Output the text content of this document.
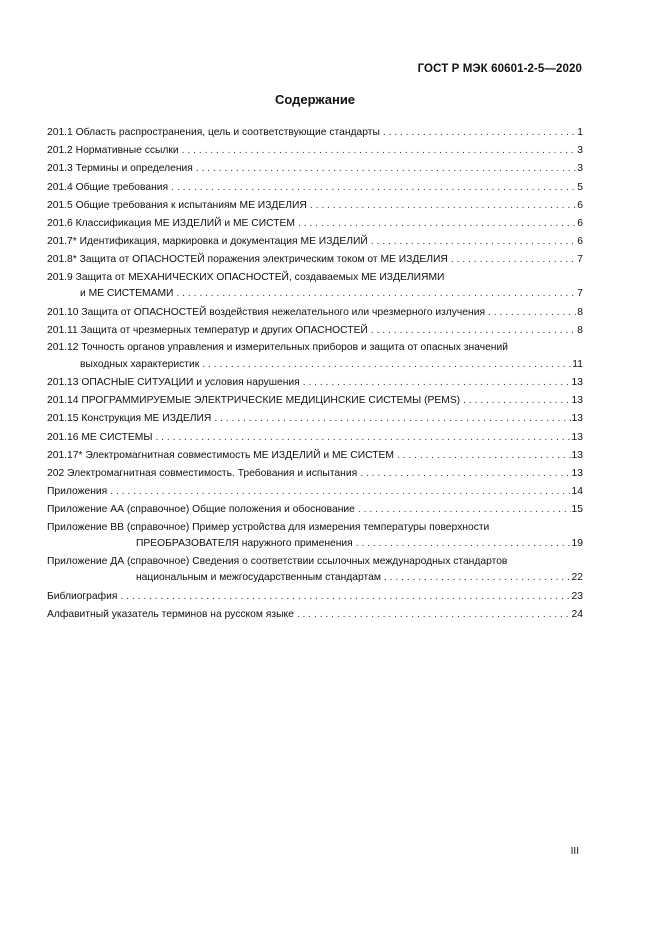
ГОСТ Р МЭК 60601-2-5—2020
Содержание
201.1 Область распространения, цель и соответствующие стандарты . . .	1
201.2 Нормативные ссылки . . .	3
201.3 Термины и определения . . .	3
201.4 Общие требования . . .	5
201.5 Общие требования к испытаниям МЕ ИЗДЕЛИЯ . . .	6
201.6 Классификация МЕ ИЗДЕЛИЙ и МЕ СИСТЕМ . . .	6
201.7* Идентификация, маркировка и документация МЕ ИЗДЕЛИЙ . . .	6
201.8* Защита от ОПАСНОСТЕЙ поражения электрическим током от МЕ ИЗДЕЛИЯ . . .	7
201.9 Защита от МЕХАНИЧЕСКИХ ОПАСНОСТЕЙ, создаваемых МЕ ИЗДЕЛИЯМИ
и МЕ СИСТЕМАМИ . . .	7
201.10 Защита от ОПАСНОСТЕЙ воздействия нежелательного или чрезмерного излучения . . .	8
201.11 Защита от чрезмерных температур и других ОПАСНОСТЕЙ . . .	8
201.12 Точность органов управления и измерительных приборов и защита от опасных значений
выходных характеристик . . .	11
201.13 ОПАСНЫЕ СИТУАЦИИ и условия нарушения . . .	13
201.14 ПРОГРАММИРУЕМЫЕ ЭЛЕКТРИЧЕСКИЕ МЕДИЦИНСКИЕ СИСТЕМЫ (PEMS) . . .	13
201.15 Конструкция МЕ ИЗДЕЛИЯ . . .	13
201.16 МЕ СИСТЕМЫ . . .	13
201.17* Электромагнитная совместимость МЕ ИЗДЕЛИЙ и МЕ СИСТЕМ . . .	13
202 Электромагнитная совместимость. Требования и испытания . . .	13
Приложения . . .	14
Приложение АА (справочное) Общие положения и обоснование . . .	15
Приложение ВВ (справочное) Пример устройства для измерения температуры поверхности
ПРЕОБРАЗОВАТЕЛЯ наружного применения . . .	19
Приложение ДА (справочное) Сведения о соответствии ссылочных международных стандартов
национальным и межгосударственным стандартам . . .	22
Библиография . . .	23
Алфавитный указатель терминов на русском языке . . .	24
III
